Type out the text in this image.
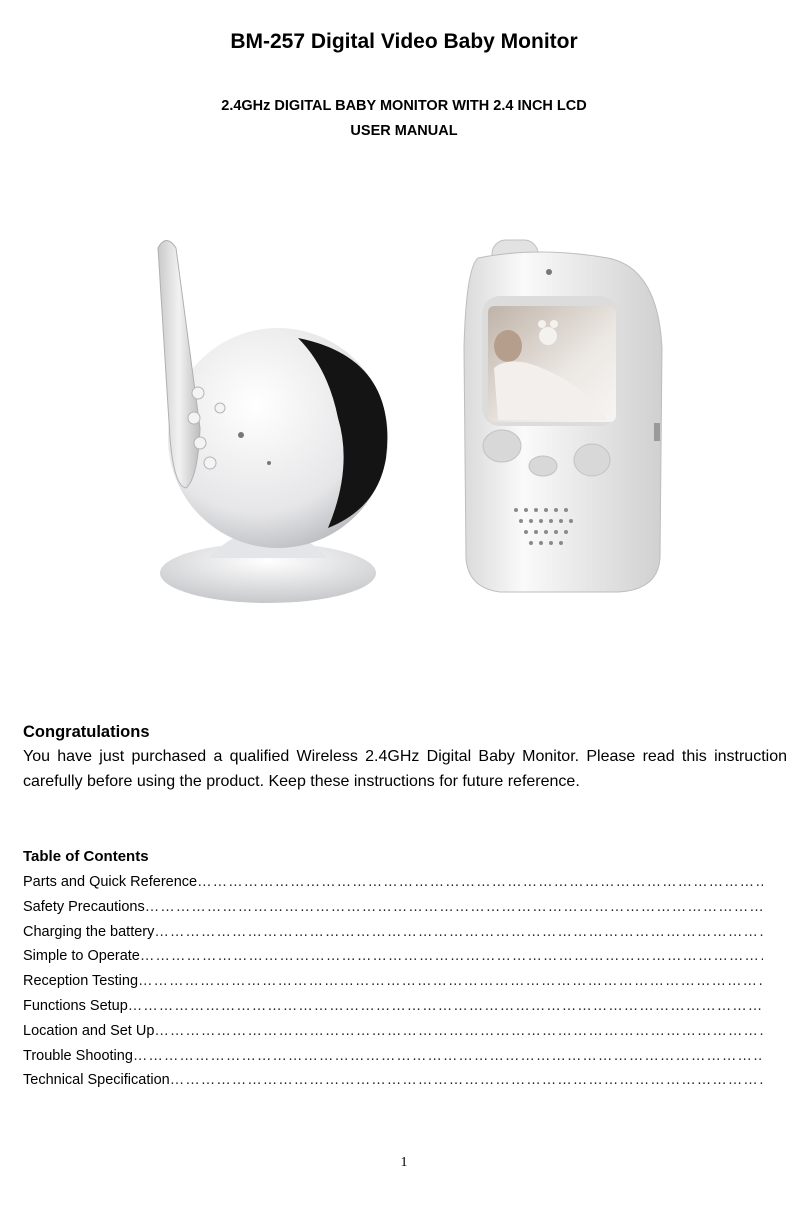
BM-257 Digital Video Baby Monitor
2.4GHz DIGITAL BABY MONITOR WITH 2.4 INCH LCD
USER MANUAL
Congratulations
You have just purchased a qualified Wireless 2.4GHz Digital Baby Monitor. Please read this instruction carefully before using the product. Keep these instructions for future reference.
Table of Contents
Parts and Quick Reference
……………………………………………………………………………………………………………………………………………………………
Safety Precautions
……………………………………………………………………………………………………………………………………………………………
Charging the battery
……………………………………………………………………………………………………………………………………………………………
Simple to Operate
……………………………………………………………………………………………………………………………………………………………
Reception Testing
……………………………………………………………………………………………………………………………………………………………
Functions Setup
……………………………………………………………………………………………………………………………………………………………
Location and Set Up
……………………………………………………………………………………………………………………………………………………………
Trouble Shooting
……………………………………………………………………………………………………………………………………………………………
Technical Specification
……………………………………………………………………………………………………………………………………………………………
1
